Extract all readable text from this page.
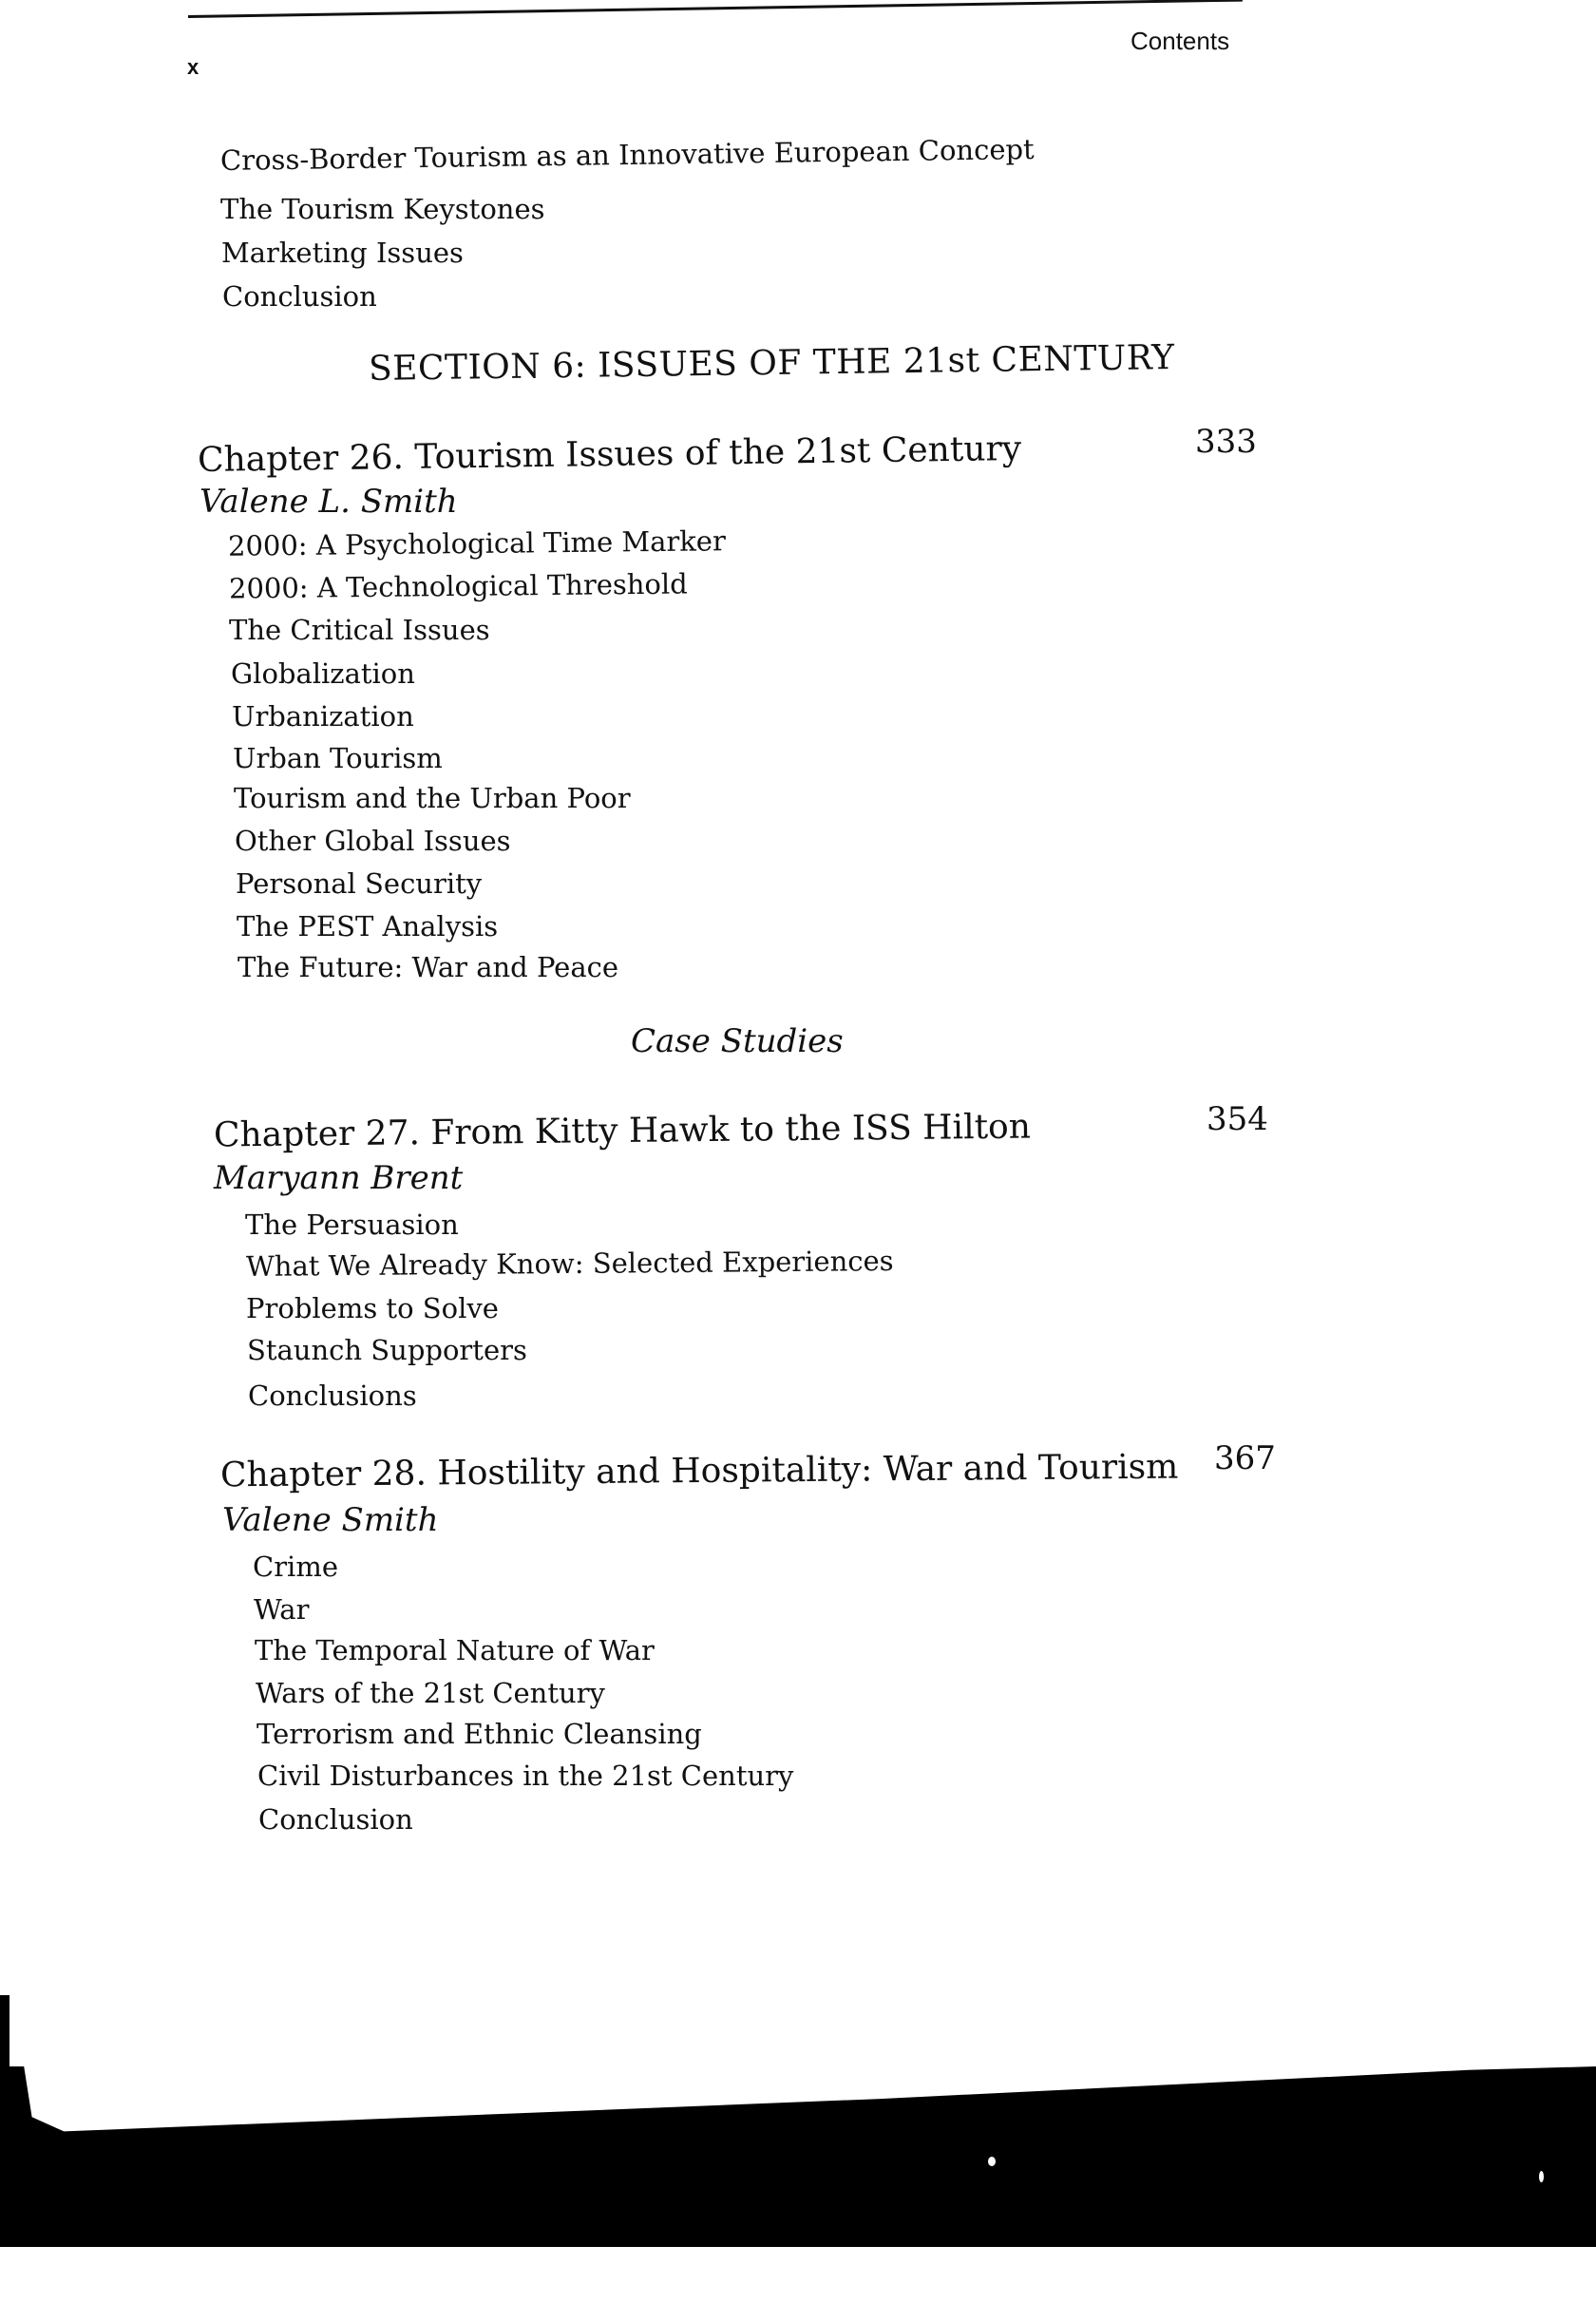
Contents
x
Cross-Border Tourism as an Innovative European Concept
The Tourism Keystones
Marketing Issues
Conclusion
SECTION 6: ISSUES OF THE 21st CENTURY
Chapter 26. Tourism Issues of the 21st Century	333
Valene L. Smith
2000: A Psychological Time Marker
2000: A Technological Threshold
The Critical Issues
Globalization
Urbanization
Urban Tourism
Tourism and the Urban Poor
Other Global Issues
Personal Security
The PEST Analysis
The Future: War and Peace
Case Studies
Chapter 27. From Kitty Hawk to the ISS Hilton	354
Maryann Brent
The Persuasion
What We Already Know: Selected Experiences
Problems to Solve
Staunch Supporters
Conclusions
Chapter 28. Hostility and Hospitality: War and Tourism 367
Valene Smith
Crime
War
The Temporal Nature of War
Wars of the 21st Century
Terrorism and Ethnic Cleansing
Civil Disturbances in the 21st Century
Conclusion
